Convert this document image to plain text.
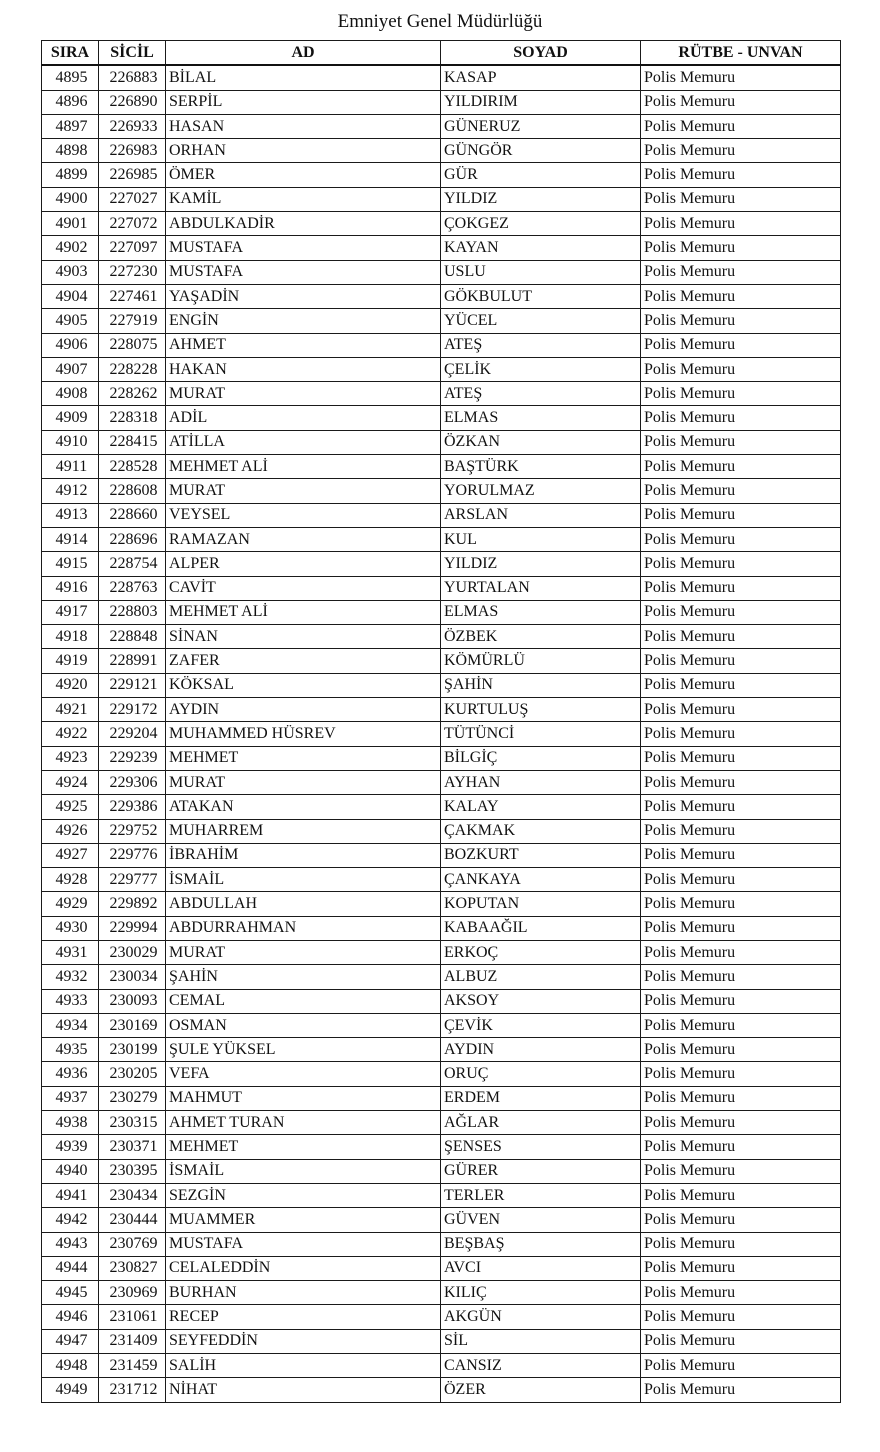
Emniyet Genel Müdürlüğü
SIRA	SİCİL	AD	SOYAD	RÜTBE - UNVAN
4895	226883	BİLAL	KASAP	Polis Memuru
4896	226890	SERPİL	YILDIRIM	Polis Memuru
4897	226933	HASAN	GÜNERUZ	Polis Memuru
4898	226983	ORHAN	GÜNGÖR	Polis Memuru
4899	226985	ÖMER	GÜR	Polis Memuru
4900	227027	KAMİL	YILDIZ	Polis Memuru
4901	227072	ABDULKADİR	ÇOKGEZ	Polis Memuru
4902	227097	MUSTAFA	KAYAN	Polis Memuru
4903	227230	MUSTAFA	USLU	Polis Memuru
4904	227461	YAŞADİN	GÖKBULUT	Polis Memuru
4905	227919	ENGİN	YÜCEL	Polis Memuru
4906	228075	AHMET	ATEŞ	Polis Memuru
4907	228228	HAKAN	ÇELİK	Polis Memuru
4908	228262	MURAT	ATEŞ	Polis Memuru
4909	228318	ADİL	ELMAS	Polis Memuru
4910	228415	ATİLLA	ÖZKAN	Polis Memuru
4911	228528	MEHMET ALİ	BAŞTÜRK	Polis Memuru
4912	228608	MURAT	YORULMAZ	Polis Memuru
4913	228660	VEYSEL	ARSLAN	Polis Memuru
4914	228696	RAMAZAN	KUL	Polis Memuru
4915	228754	ALPER	YILDIZ	Polis Memuru
4916	228763	CAVİT	YURTALAN	Polis Memuru
4917	228803	MEHMET ALİ	ELMAS	Polis Memuru
4918	228848	SİNAN	ÖZBEK	Polis Memuru
4919	228991	ZAFER	KÖMÜRLÜ	Polis Memuru
4920	229121	KÖKSAL	ŞAHİN	Polis Memuru
4921	229172	AYDIN	KURTULUŞ	Polis Memuru
4922	229204	MUHAMMED HÜSREV	TÜTÜNCİ	Polis Memuru
4923	229239	MEHMET	BİLGİÇ	Polis Memuru
4924	229306	MURAT	AYHAN	Polis Memuru
4925	229386	ATAKAN	KALAY	Polis Memuru
4926	229752	MUHARREM	ÇAKMAK	Polis Memuru
4927	229776	İBRAHİM	BOZKURT	Polis Memuru
4928	229777	İSMAİL	ÇANKAYA	Polis Memuru
4929	229892	ABDULLAH	KOPUTAN	Polis Memuru
4930	229994	ABDURRAHMAN	KABAAĞIL	Polis Memuru
4931	230029	MURAT	ERKOÇ	Polis Memuru
4932	230034	ŞAHİN	ALBUZ	Polis Memuru
4933	230093	CEMAL	AKSOY	Polis Memuru
4934	230169	OSMAN	ÇEVİK	Polis Memuru
4935	230199	ŞULE YÜKSEL	AYDIN	Polis Memuru
4936	230205	VEFA	ORUÇ	Polis Memuru
4937	230279	MAHMUT	ERDEM	Polis Memuru
4938	230315	AHMET TURAN	AĞLAR	Polis Memuru
4939	230371	MEHMET	ŞENSES	Polis Memuru
4940	230395	İSMAİL	GÜRER	Polis Memuru
4941	230434	SEZGİN	TERLER	Polis Memuru
4942	230444	MUAMMER	GÜVEN	Polis Memuru
4943	230769	MUSTAFA	BEŞBAŞ	Polis Memuru
4944	230827	CELALEDDİN	AVCI	Polis Memuru
4945	230969	BURHAN	KILIÇ	Polis Memuru
4946	231061	RECEP	AKGÜN	Polis Memuru
4947	231409	SEYFEDDİN	SİL	Polis Memuru
4948	231459	SALİH	CANSIZ	Polis Memuru
4949	231712	NİHAT	ÖZER	Polis Memuru
